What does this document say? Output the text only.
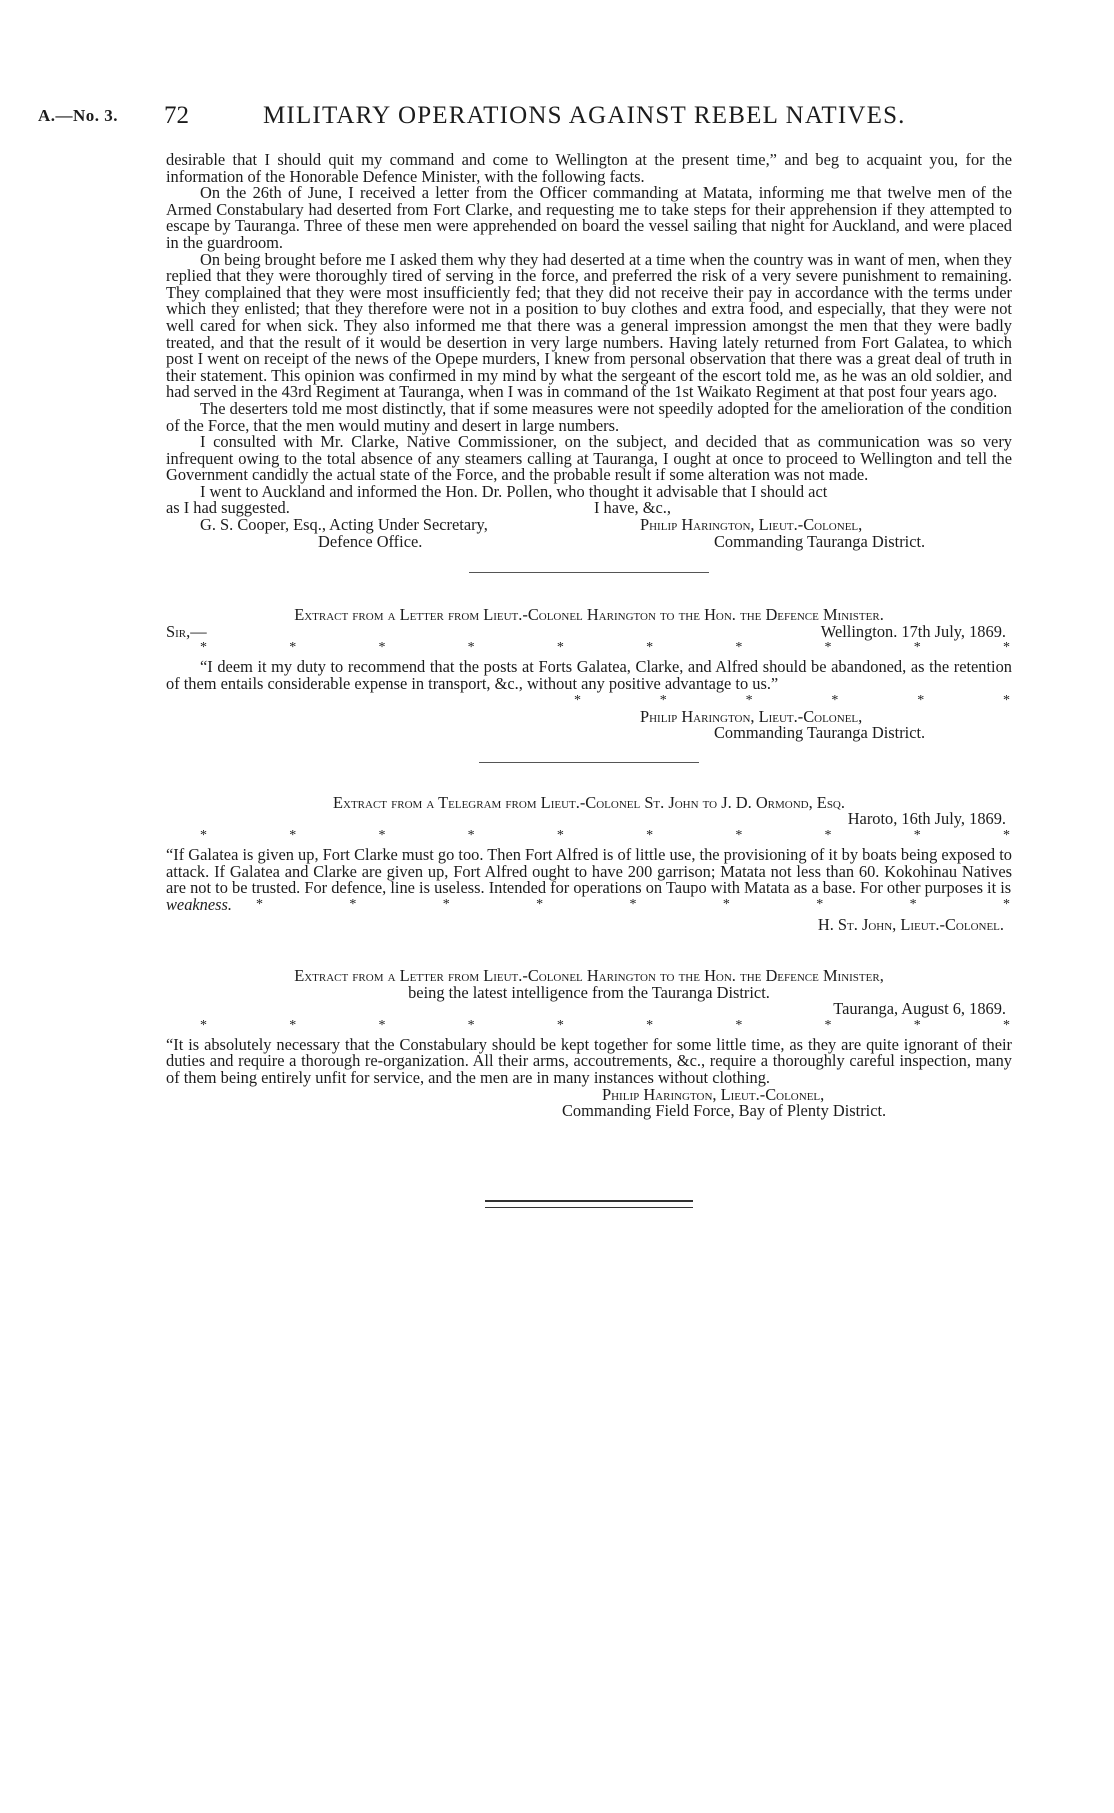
A.—No. 3. 72	MILITARY OPERATIONS AGAINST REBEL NATIVES.

desirable that I should quit my command and come to Wellington at the present time,” and beg to acquaint you, for the information of the Honorable Defence Minister, with the following facts.

On the 26th of June, I received a letter from the Officer commanding at Matata, informing me that twelve men of the Armed Constabulary had deserted from Fort Clarke, and requesting me to take steps for their apprehension if they attempted to escape by Tauranga. Three of these men were apprehended on board the vessel sailing that night for Auckland, and were placed in the guardroom.

On being brought before me I asked them why they had deserted at a time when the country was in want of men, when they replied that they were thoroughly tired of serving in the force, and preferred the risk of a very severe punishment to remaining. They complained that they were most insufficiently fed; that they did not receive their pay in accordance with the terms under which they enlisted; that they therefore were not in a position to buy clothes and extra food, and especially, that they were not well cared for when sick. They also informed me that there was a general impression amongst the men that they were badly treated, and that the result of it would be desertion in very large numbers. Having lately returned from Fort Galatea, to which post I went on receipt of the news of the Opepe murders, I knew from personal observation that there was a great deal of truth in their statement. This opinion was confirmed in my mind by what the sergeant of the escort told me, as he was an old soldier, and had served in the 43rd Regiment at Tauranga, when I was in command of the 1st Waikato Regiment at that post four years ago.

The deserters told me most distinctly, that if some measures were not speedily adopted for the amelioration of the condition of the Force, that the men would mutiny and desert in large numbers.

I consulted with Mr. Clarke, Native Commissioner, on the subject, and decided that as communication was so very infrequent owing to the total absence of any steamers calling at Tauranga, I ought at once to proceed to Wellington and tell the Government candidly the actual state of the Force, and the probable result if some alteration was not made.

I went to Auckland and informed the Hon. Dr. Pollen, who thought it advisable that I should act

as I had suggested.	I have, &c.,
G. S. Cooper, Esq., Acting Under Secretary,	Philip Harington, Lieut.-Colonel,
Defence Office.	Commanding Tauranga District.

Extract from a Letter from Lieut.-Colonel Harington to the Hon. the Defence Minister.

Sir,—	Wellington. 17th July, 1869.
*	*	*	*	*	*	*	*	*	*

“I deem it my duty to recommend that the posts at Forts Galatea, Clarke, and Alfred should be abandoned, as the retention of them entails considerable expense in transport, &c., without any positive advantage to us.”

*	*	*	*	*	*
Philip Harington, Lieut.-Colonel,
Commanding Tauranga District.

Extract from a Telegram from Lieut.-Colonel St. John to J. D. Ormond, Esq.

Haroto, 16th July, 1869.

*	*	*	*	*	*	*	*	*	*

“If Galatea is given up, Fort Clarke must go too. Then Fort Alfred is of little use, the provisioning of it by boats being exposed to attack. If Galatea and Clarke are given up, Fort Alfred ought to have 200 garrison; Matata not less than 60. Kokohinau Natives are not to be trusted. For defence, line is useless. Intended for operations on Taupo with Matata as a base. For other purposes it is

weakness. *	*	*	*	*	*	*	*	*

H. St. John, Lieut.-Colonel.

Extract from a Letter from Lieut.-Colonel Harington to the Hon. the Defence Minister,

being the latest intelligence from the Tauranga District.

Tauranga, August 6, 1869.

*	*	*	*	*	*	*	*	*	*

“It is absolutely necessary that the Constabulary should be kept together for some little time, as they are quite ignorant of their duties and require a thorough re-organization. All their arms, accoutrements, &c., require a thoroughly careful inspection, many of them being entirely unfit for service, and the men are in many instances without clothing.

Philip Harington, Lieut.-Colonel,
Commanding Field Force, Bay of Plenty District.
